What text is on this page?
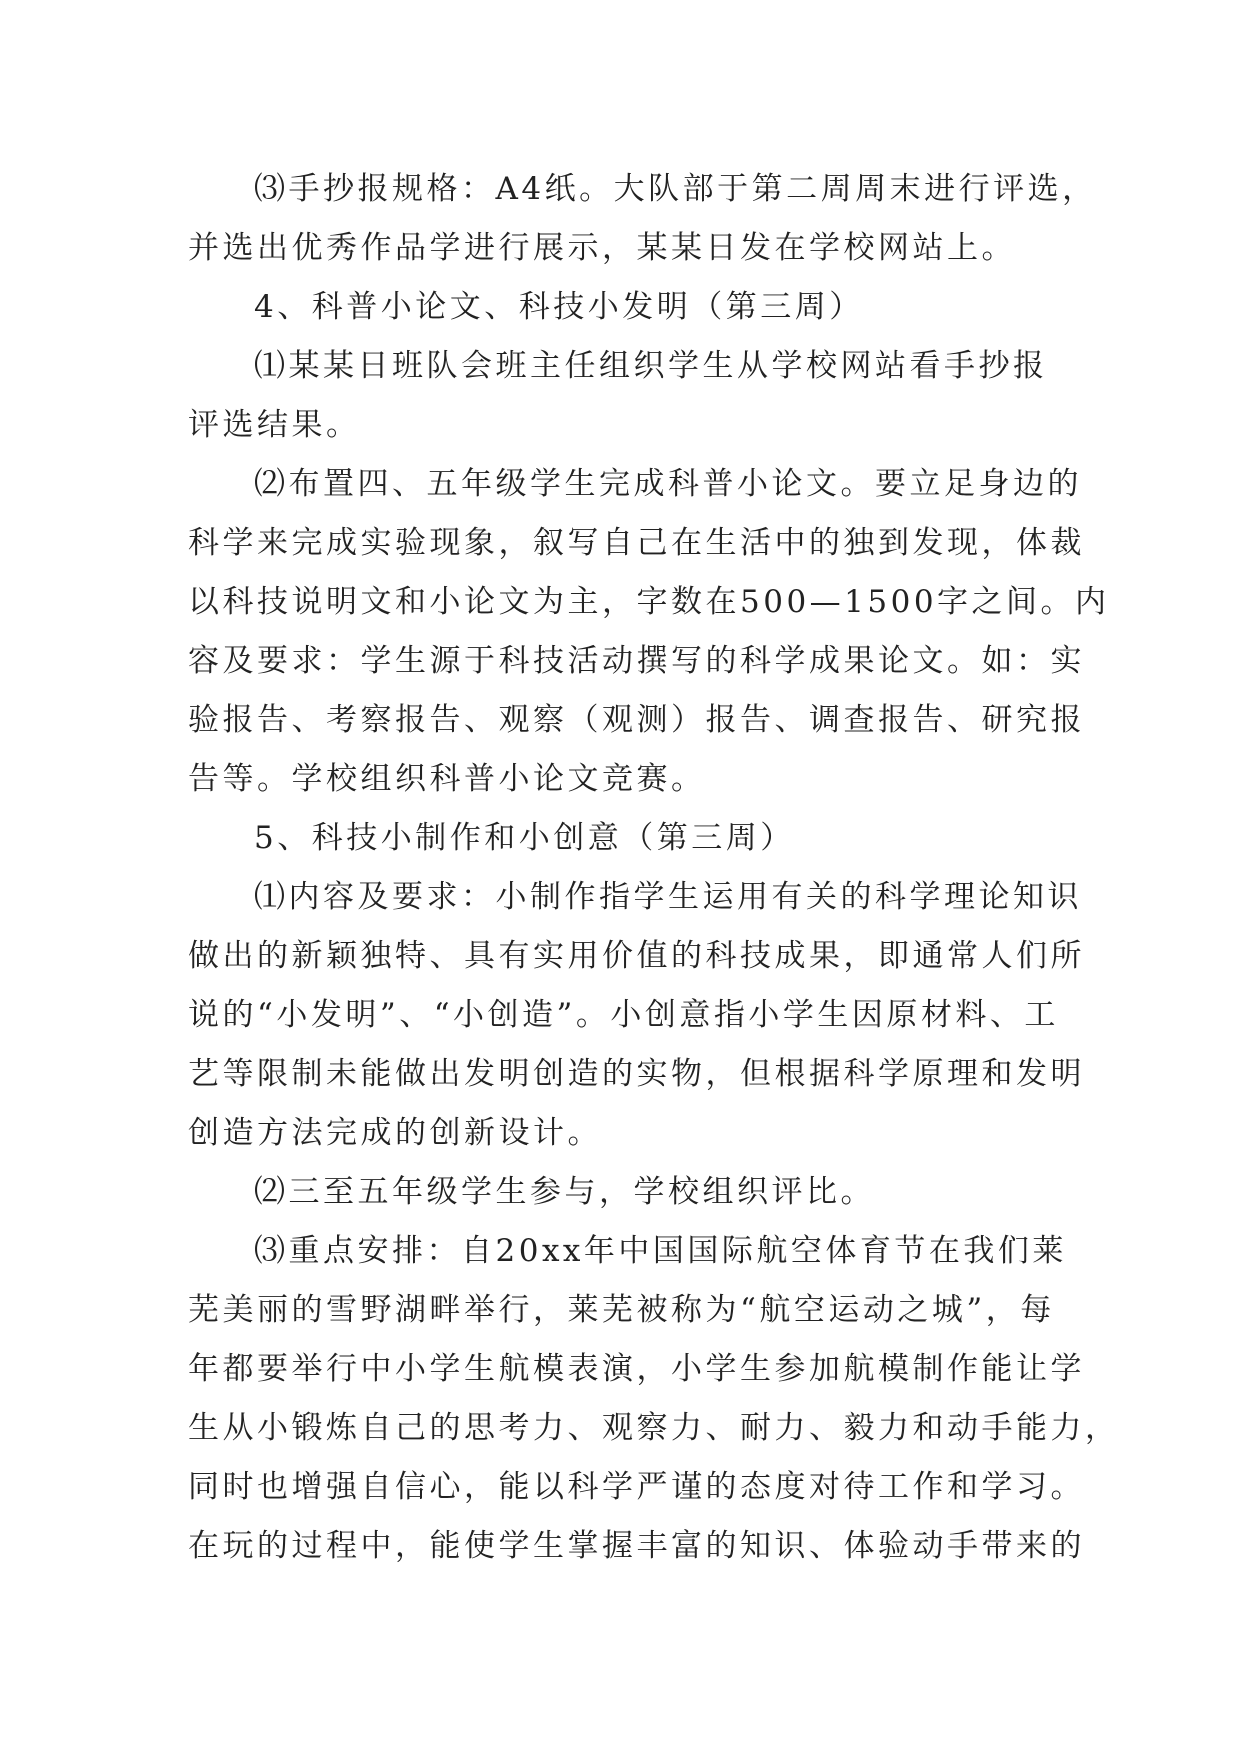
⑶手抄报规格：A4纸。大队部于第二周周末进行评选，
并选出优秀作品学进行展示，某某日发在学校网站上。
4、科普小论文、科技小发明（第三周）
⑴某某日班队会班主任组织学生从学校网站看手抄报
评选结果。
⑵布置四、五年级学生完成科普小论文。要立足身边的
科学来完成实验现象，叙写自己在生活中的独到发现，体裁
以科技说明文和小论文为主，字数在500—1500字之间。内
容及要求：学生源于科技活动撰写的科学成果论文。如：实
验报告、考察报告、观察（观测）报告、调查报告、研究报
告等。学校组织科普小论文竞赛。
5、科技小制作和小创意（第三周）
⑴内容及要求：小制作指学生运用有关的科学理论知识
做出的新颖独特、具有实用价值的科技成果，即通常人们所
说的“小发明”、“小创造”。小创意指小学生因原材料、工
艺等限制未能做出发明创造的实物，但根据科学原理和发明
创造方法完成的创新设计。
⑵三至五年级学生参与，学校组织评比。
⑶重点安排：自20xx年中国国际航空体育节在我们莱
芜美丽的雪野湖畔举行，莱芜被称为“航空运动之城”，每
年都要举行中小学生航模表演，小学生参加航模制作能让学
生从小锻炼自己的思考力、观察力、耐力、毅力和动手能力，
同时也增强自信心，能以科学严谨的态度对待工作和学习。
在玩的过程中，能使学生掌握丰富的知识、体验动手带来的
